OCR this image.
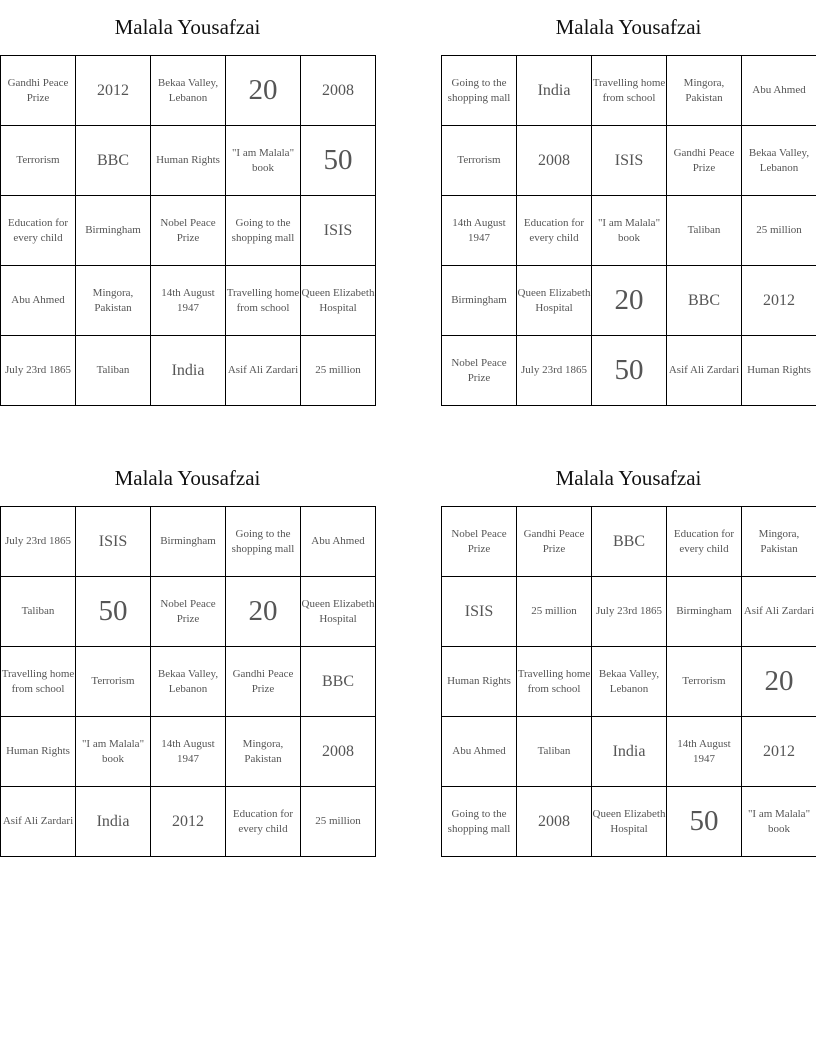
Malala Yousafzai
Gandhi Peace Prize	2012	Bekaa Valley, Lebanon	20	2008
Terrorism	BBC	Human Rights	"I am Malala" book	50
Education for every child	Birmingham	Nobel Peace Prize	Going to the shopping mall	ISIS
Abu Ahmed	Mingora, Pakistan	14th August 1947	Travelling home from school	Queen Elizabeth Hospital
July 23rd 1865	Taliban	India	Asif Ali Zardari	25 million
Malala Yousafzai
Going to the shopping mall	India	Travelling home from school	Mingora, Pakistan	Abu Ahmed
Terrorism	2008	ISIS	Gandhi Peace Prize	Bekaa Valley, Lebanon
14th August 1947	Education for every child	"I am Malala" book	Taliban	25 million
Birmingham	Queen Elizabeth Hospital	20	BBC	2012
Nobel Peace Prize	July 23rd 1865	50	Asif Ali Zardari	Human Rights
Malala Yousafzai
July 23rd 1865	ISIS	Birmingham	Going to the shopping mall	Abu Ahmed
Taliban	50	Nobel Peace Prize	20	Queen Elizabeth Hospital
Travelling home from school	Terrorism	Bekaa Valley, Lebanon	Gandhi Peace Prize	BBC
Human Rights	"I am Malala" book	14th August 1947	Mingora, Pakistan	2008
Asif Ali Zardari	India	2012	Education for every child	25 million
Malala Yousafzai
Nobel Peace Prize	Gandhi Peace Prize	BBC	Education for every child	Mingora, Pakistan
ISIS	25 million	July 23rd 1865	Birmingham	Asif Ali Zardari
Human Rights	Travelling home from school	Bekaa Valley, Lebanon	Terrorism	20
Abu Ahmed	Taliban	India	14th August 1947	2012
Going to the shopping mall	2008	Queen Elizabeth Hospital	50	"I am Malala" book
